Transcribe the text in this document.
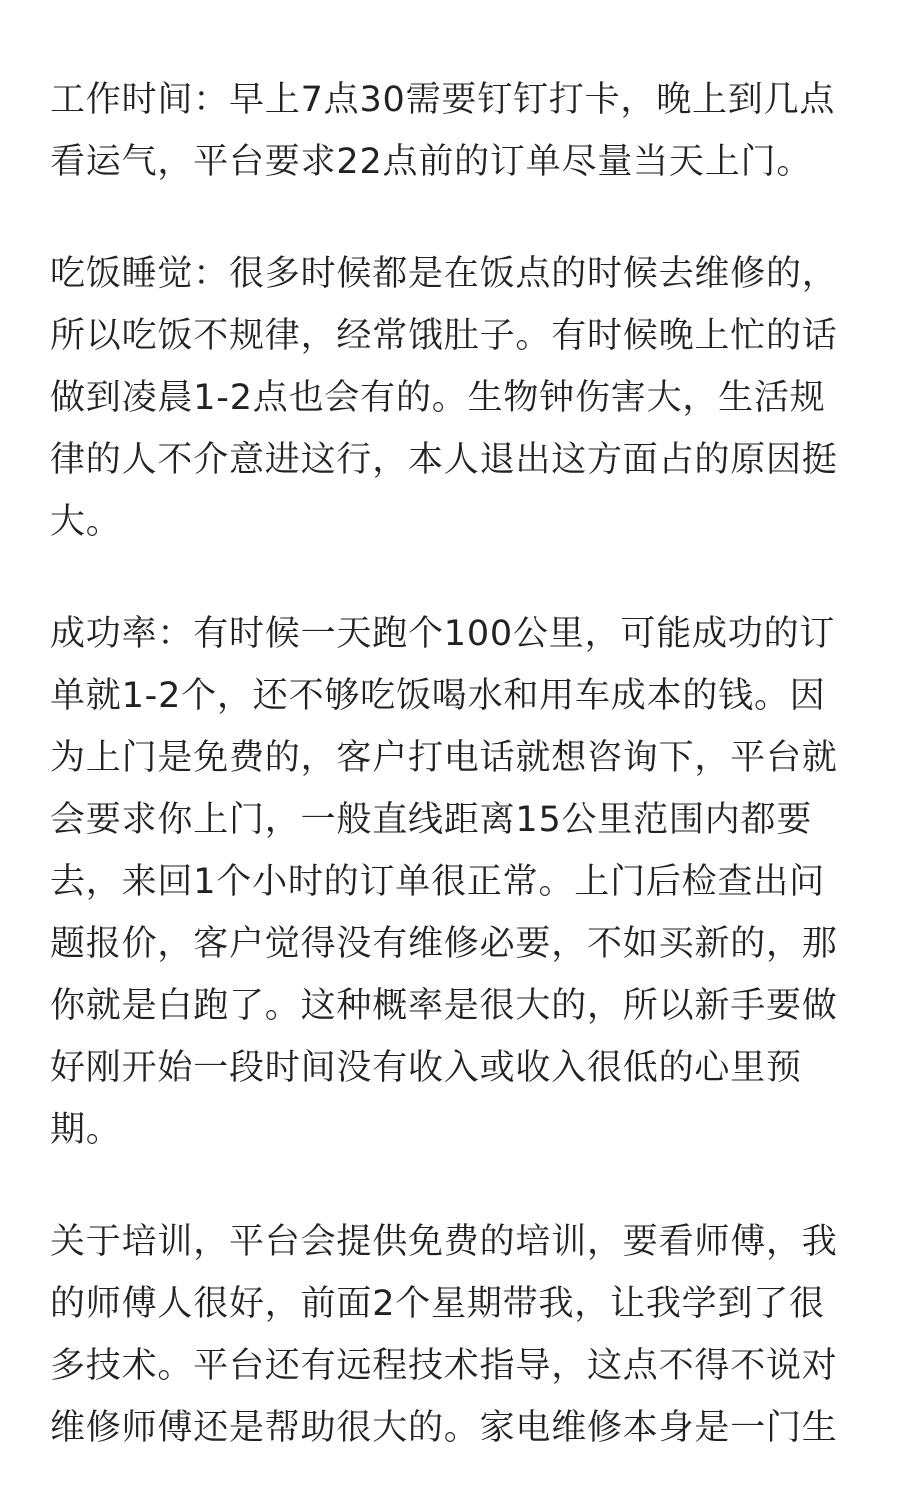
工作时间：早上7点30需要钉钉打卡，晚上到几点
看运气，平台要求22点前的订单尽量当天上门。
吃饭睡觉：很多时候都是在饭点的时候去维修的，
所以吃饭不规律，经常饿肚子。有时候晚上忙的话
做到凌晨1-2点也会有的。生物钟伤害大，生活规
律的人不介意进这行，本人退出这方面占的原因挺
大。
成功率：有时候一天跑个100公里，可能成功的订
单就1-2个，还不够吃饭喝水和用车成本的钱。因
为上门是免费的，客户打电话就想咨询下，平台就
会要求你上门，一般直线距离15公里范围内都要
去，来回1个小时的订单很正常。上门后检查出问
题报价，客户觉得没有维修必要，不如买新的，那
你就是白跑了。这种概率是很大的，所以新手要做
好刚开始一段时间没有收入或收入很低的心里预
期。
关于培训，平台会提供免费的培训，要看师傅，我
的师傅人很好，前面2个星期带我，让我学到了很
多技术。平台还有远程技术指导，这点不得不说对
维修师傅还是帮助很大的。家电维修本身是一门生
